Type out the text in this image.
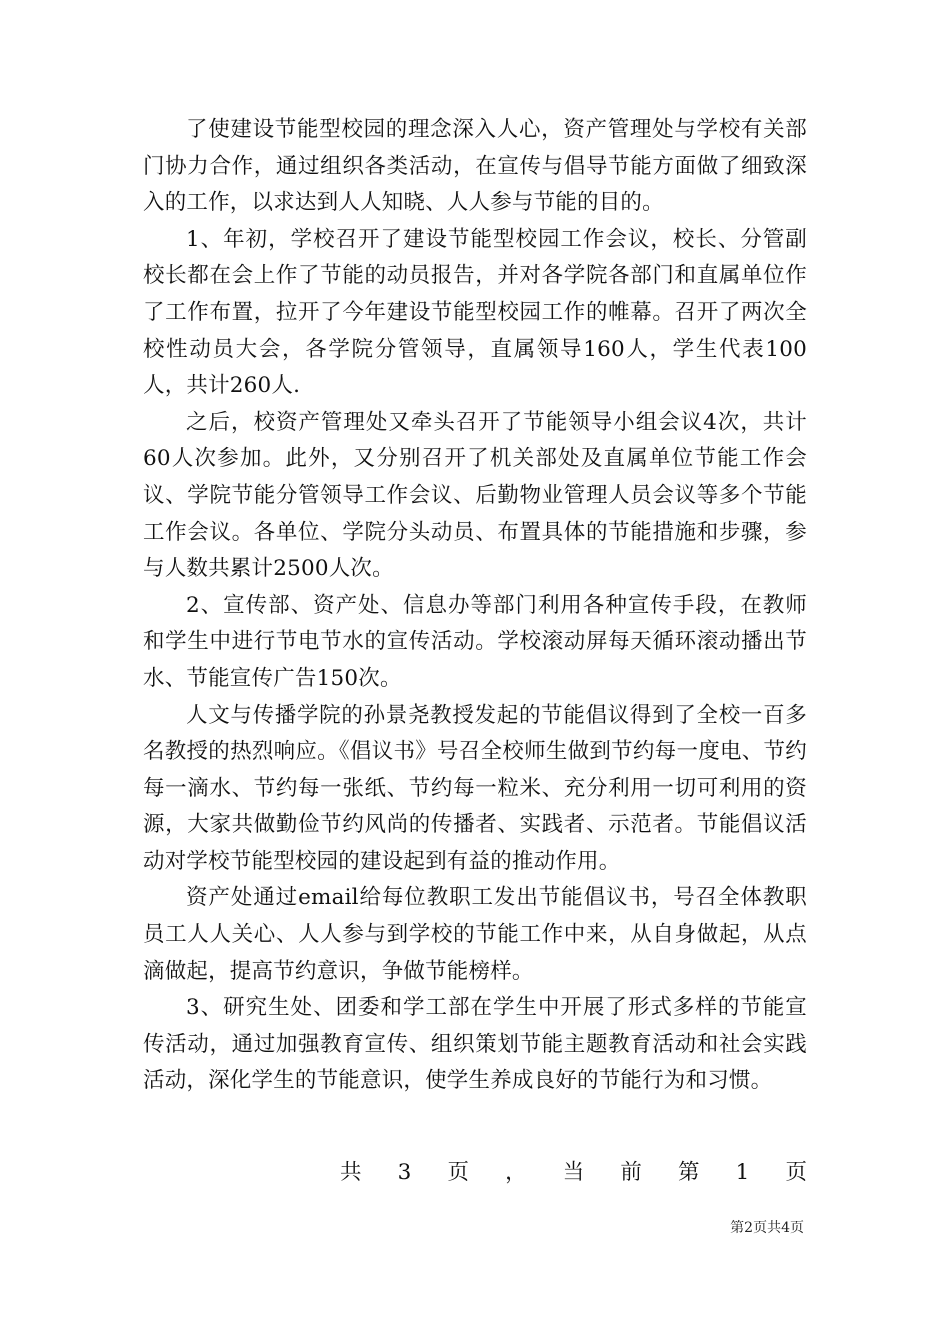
了使建设节能型校园的理念深入人心，资产管理处与学校有关部门协力合作，通过组织各类活动，在宣传与倡导节能方面做了细致深入的工作，以求达到人人知晓、人人参与节能的目的。

1、年初，学校召开了建设节能型校园工作会议，校长、分管副校长都在会上作了节能的动员报告，并对各学院各部门和直属单位作了工作布置，拉开了今年建设节能型校园工作的帷幕。召开了两次全校性动员大会，各学院分管领导，直属领导160人，学生代表100人，共计260人.

之后，校资产管理处又牵头召开了节能领导小组会议4次，共计60人次参加。此外，又分别召开了机关部处及直属单位节能工作会议、学院节能分管领导工作会议、后勤物业管理人员会议等多个节能工作会议。各单位、学院分头动员、布置具体的节能措施和步骤，参与人数共累计2500人次。

2、宣传部、资产处、信息办等部门利用各种宣传手段，在教师和学生中进行节电节水的宣传活动。学校滚动屏每天循环滚动播出节水、节能宣传广告150次。

人文与传播学院的孙景尧教授发起的节能倡议得到了全校一百多名教授的热烈响应。《倡议书》号召全校师生做到节约每一度电、节约每一滴水、节约每一张纸、节约每一粒米、充分利用一切可利用的资源，大家共做勤俭节约风尚的传播者、实践者、示范者。节能倡议活动对学校节能型校园的建设起到有益的推动作用。

资产处通过email给每位教职工发出节能倡议书，号召全体教职员工人人关心、人人参与到学校的节能工作中来，从自身做起，从点滴做起，提高节约意识，争做节能榜样。

3、研究生处、团委和学工部在学生中开展了形式多样的节能宣传活动，通过加强教育宣传、组织策划节能主题教育活动和社会实践活动，深化学生的节能意识，使学生养成良好的节能行为和习惯。

共 3 页 ， 当 前 第 1 页
第2页共4页
